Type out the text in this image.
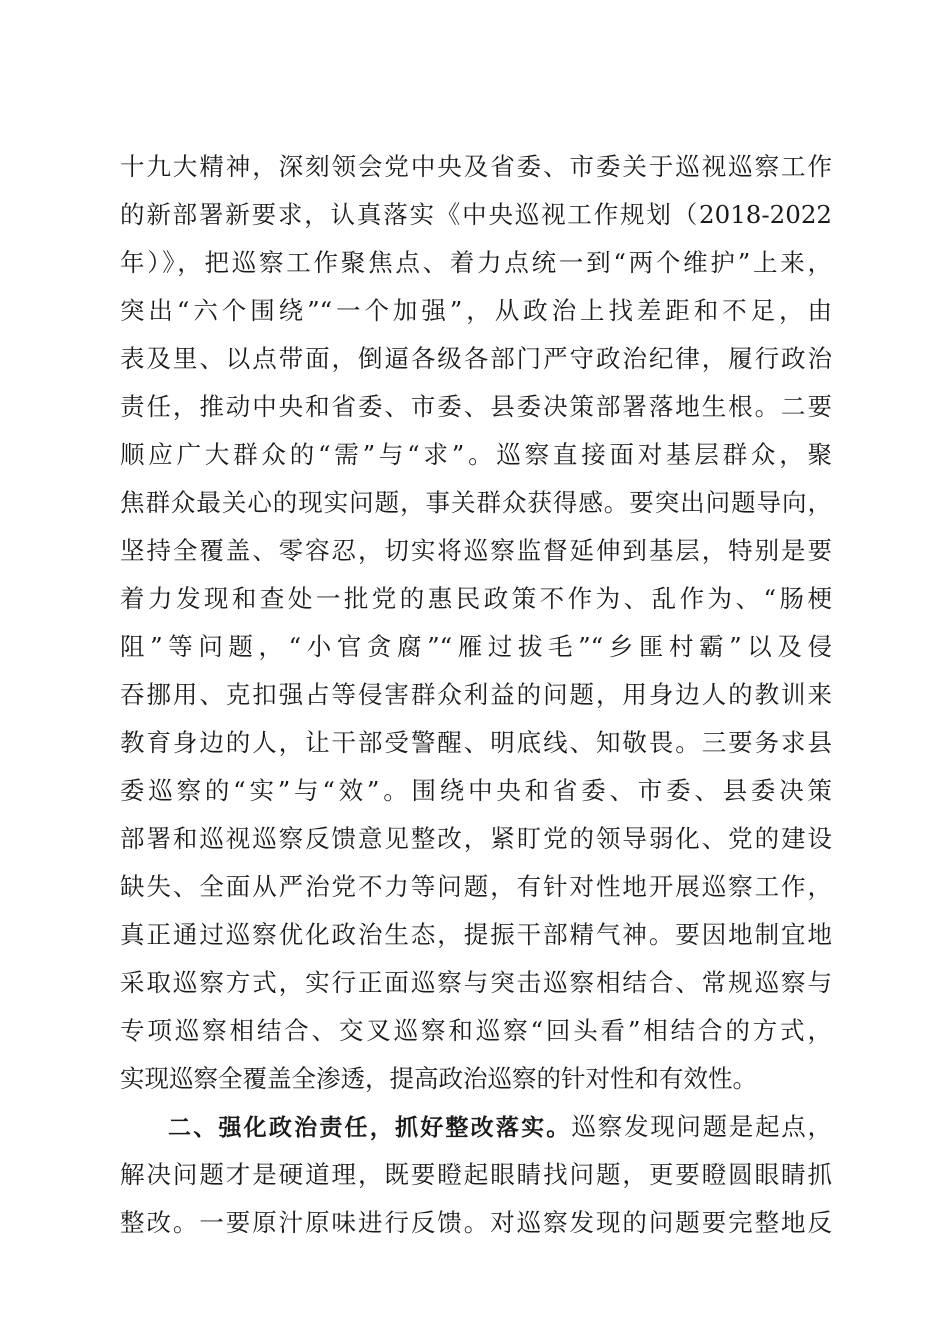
十九大精神，深刻领会党中央及省委、市委关于巡视巡察工作
的新部署新要求，认真落实《中央巡视工作规划（2018-2022
年）》，把巡察工作聚焦点、着力点统一到“两个维护”上来，
突出“六个围绕”“一个加强”，从政治上找差距和不足，由
表及里、以点带面，倒逼各级各部门严守政治纪律，履行政治
责任，推动中央和省委、市委、县委决策部署落地生根。二要
顺应广大群众的“需”与“求”。巡察直接面对基层群众，聚
焦群众最关心的现实问题，事关群众获得感。要突出问题导向，
坚持全覆盖、零容忍，切实将巡察监督延伸到基层，特别是要
着力发现和查处一批党的惠民政策不作为、乱作为、“肠梗
阻”等问题，“小官贪腐”“雁过拔毛”“乡匪村霸”以及侵
吞挪用、克扣强占等侵害群众利益的问题，用身边人的教训来
教育身边的人，让干部受警醒、明底线、知敬畏。三要务求县
委巡察的“实”与“效”。围绕中央和省委、市委、县委决策
部署和巡视巡察反馈意见整改，紧盯党的领导弱化、党的建设
缺失、全面从严治党不力等问题，有针对性地开展巡察工作，
真正通过巡察优化政治生态，提振干部精气神。要因地制宜地
采取巡察方式，实行正面巡察与突击巡察相结合、常规巡察与
专项巡察相结合、交叉巡察和巡察“回头看”相结合的方式，
实现巡察全覆盖全渗透，提高政治巡察的针对性和有效性。
二、强化政治责任，抓好整改落实。巡察发现问题是起点，
解决问题才是硬道理，既要瞪起眼睛找问题，更要瞪圆眼睛抓
整改。一要原汁原味进行反馈。对巡察发现的问题要完整地反
